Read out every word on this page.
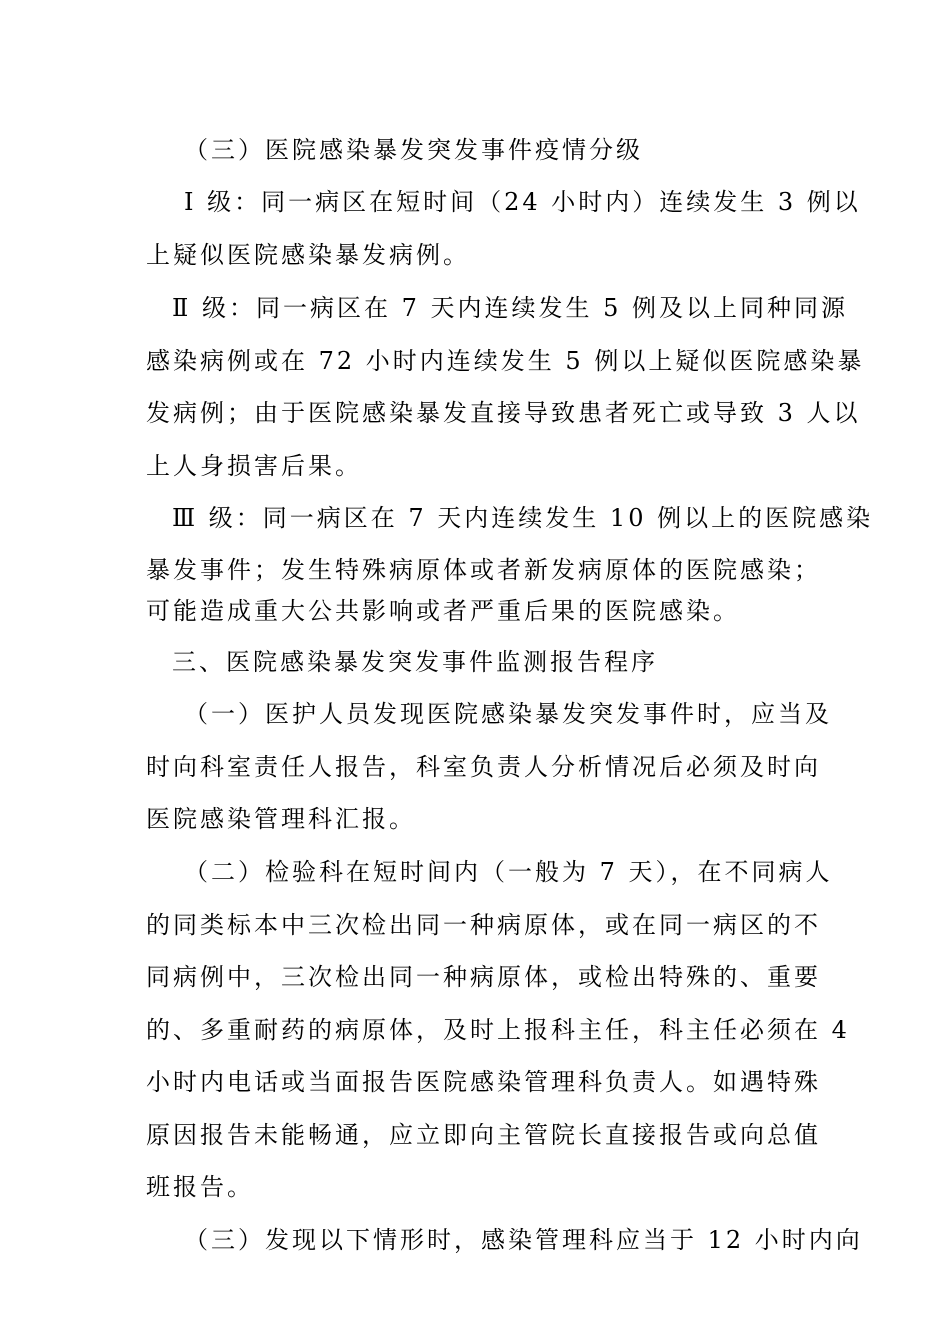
（三）医院感染暴发突发事件疫情分级
Ⅰ 级：同一病区在短时间（24 小时内）连续发生 3 例以
上疑似医院感染暴发病例。
Ⅱ 级：同一病区在 7 天内连续发生 5 例及以上同种同源
感染病例或在 72 小时内连续发生 5 例以上疑似医院感染暴
发病例；由于医院感染暴发直接导致患者死亡或导致 3 人以
上人身损害后果。
Ⅲ 级：同一病区在 7 天内连续发生 10 例以上的医院感染
暴发事件；发生特殊病原体或者新发病原体的医院感染；
可能造成重大公共影响或者严重后果的医院感染。
三、医院感染暴发突发事件监测报告程序
（一）医护人员发现医院感染暴发突发事件时，应当及
时向科室责任人报告，科室负责人分析情况后必须及时向
医院感染管理科汇报。
（二）检验科在短时间内（一般为 7 天），在不同病人
的同类标本中三次检出同一种病原体，或在同一病区的不
同病例中，三次检出同一种病原体，或检出特殊的、重要
的、多重耐药的病原体，及时上报科主任，科主任必须在 4
小时内电话或当面报告医院感染管理科负责人。如遇特殊
原因报告未能畅通，应立即向主管院长直接报告或向总值
班报告。
（三）发现以下情形时，感染管理科应当于 12 小时内向
